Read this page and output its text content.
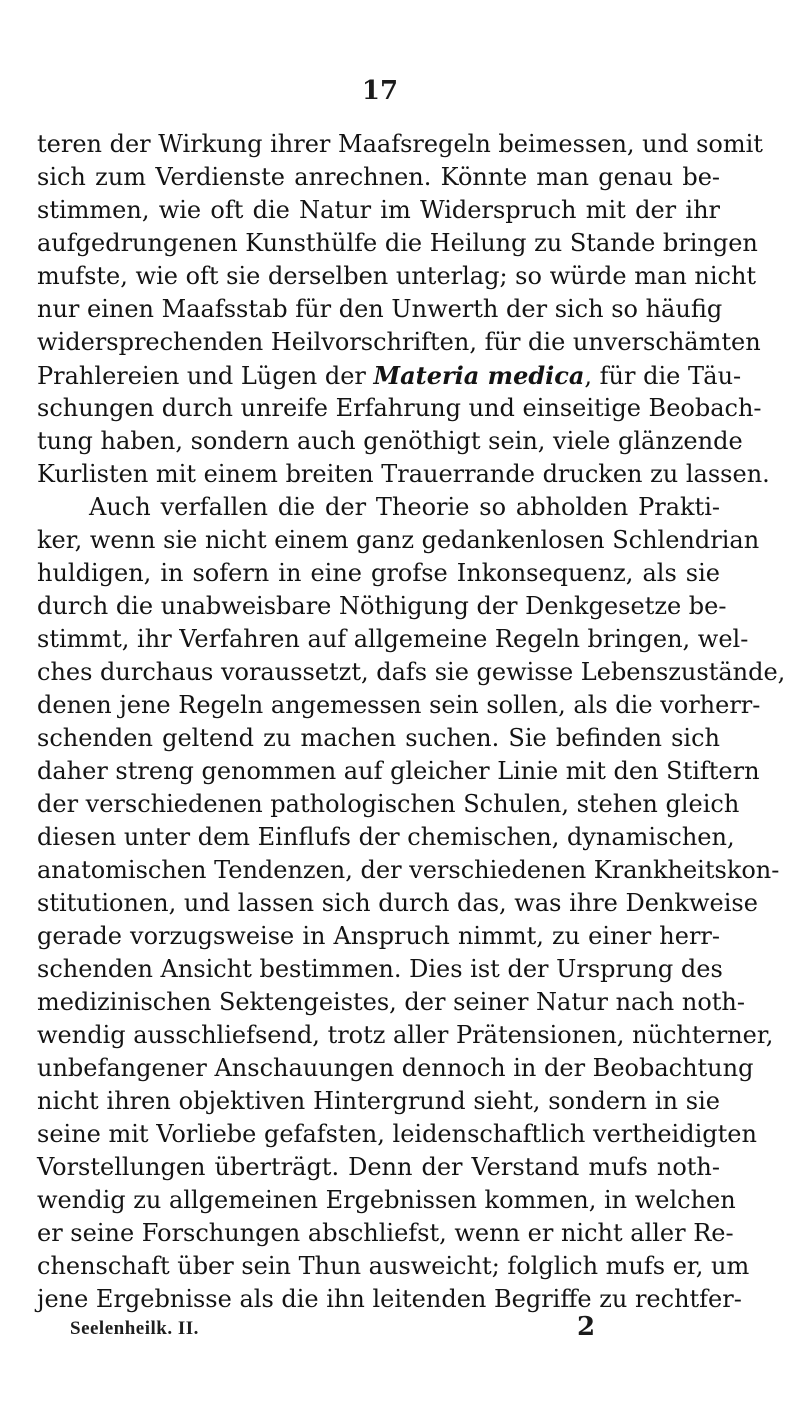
17
teren der Wirkung ihrer Maafsregeln beimessen, und somit
sich zum Verdienste anrechnen. Könnte man genau be-
stimmen, wie oft die Natur im Widerspruch mit der ihr
aufgedrungenen Kunsthülfe die Heilung zu Stande bringen
mufste, wie oft sie derselben unterlag; so würde man nicht
nur einen Maafsstab für den Unwerth der sich so häufig
widersprechenden Heilvorschriften, für die unverschämten
Prahlereien und Lügen der Materia medica, für die Täu-
schungen durch unreife Erfahrung und einseitige Beobach-
tung haben, sondern auch genöthigt sein, viele glänzende
Kurlisten mit einem breiten Trauerrande drucken zu lassen.
Auch verfallen die der Theorie so abholden Prakti-
ker, wenn sie nicht einem ganz gedankenlosen Schlendrian
huldigen, in sofern in eine grofse Inkonsequenz, als sie
durch die unabweisbare Nöthigung der Denkgesetze be-
stimmt, ihr Verfahren auf allgemeine Regeln bringen, wel-
ches durchaus voraussetzt, dafs sie gewisse Lebenszustände,
denen jene Regeln angemessen sein sollen, als die vorherr-
schenden geltend zu machen suchen. Sie befinden sich
daher streng genommen auf gleicher Linie mit den Stiftern
der verschiedenen pathologischen Schulen, stehen gleich
diesen unter dem Einflufs der chemischen, dynamischen,
anatomischen Tendenzen, der verschiedenen Krankheitskon-
stitutionen, und lassen sich durch das, was ihre Denkweise
gerade vorzugsweise in Anspruch nimmt, zu einer herr-
schenden Ansicht bestimmen. Dies ist der Ursprung des
medizinischen Sektengeistes, der seiner Natur nach noth-
wendig ausschliefsend, trotz aller Prätensionen, nüchterner,
unbefangener Anschauungen dennoch in der Beobachtung
nicht ihren objektiven Hintergrund sieht, sondern in sie
seine mit Vorliebe gefafsten, leidenschaftlich vertheidigten
Vorstellungen überträgt. Denn der Verstand mufs noth-
wendig zu allgemeinen Ergebnissen kommen, in welchen
er seine Forschungen abschliefst, wenn er nicht aller Re-
chenschaft über sein Thun ausweicht; folglich mufs er, um
jene Ergebnisse als die ihn leitenden Begriffe zu rechtfer-
Seelenheilk. II.	2
